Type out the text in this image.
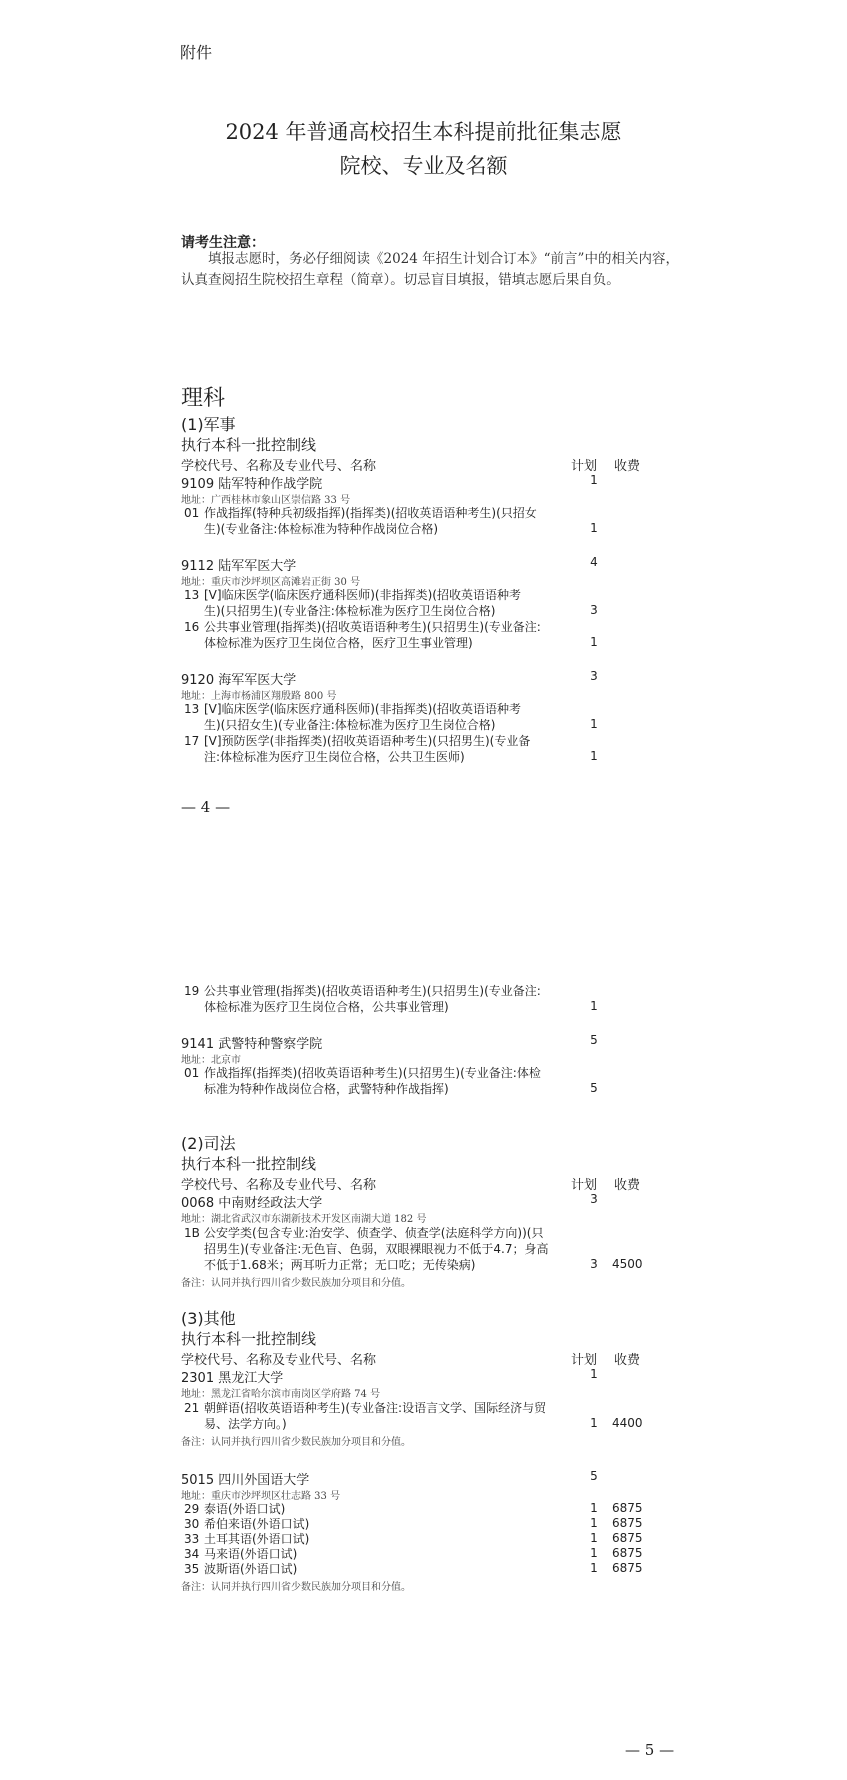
附件
2024 年普通高校招生本科提前批征集志愿
院校、专业及名额
请考生注意：
填报志愿时，务必仔细阅读《2024 年招生计划合订本》“前言”中的相关内容，认真查阅招生院校招生章程（简章）。切忌盲目填报，错填志愿后果自负。
理科
(1)军事
执行本科一批控制线
学校代号、名称及专业代号、名称	计划 收费
9109 陆军特种作战学院	1
地址：广西桂林市象山区崇信路 33 号
01 作战指挥(特种兵初级指挥)(指挥类)(招收英语语种考生)(只招女
生)(专业备注:体检标准为特种作战岗位合格)	1
9112 陆军军医大学	4
地址：重庆市沙坪坝区高滩岩正街 30 号
13 [V]临床医学(临床医疗通科医师)(非指挥类)(招收英语语种考
生)(只招男生)(专业备注:体检标准为医疗卫生岗位合格)	3
16 公共事业管理(指挥类)(招收英语语种考生)(只招男生)(专业备注:
体检标准为医疗卫生岗位合格，医疗卫生事业管理)	1
9120 海军军医大学	3
地址：上海市杨浦区翔殷路 800 号
13 [V]临床医学(临床医疗通科医师)(非指挥类)(招收英语语种考
生)(只招女生)(专业备注:体检标准为医疗卫生岗位合格)	1
17 [V]预防医学(非指挥类)(招收英语语种考生)(只招男生)(专业备
注:体检标准为医疗卫生岗位合格，公共卫生医师)	1
— 4 —
19 公共事业管理(指挥类)(招收英语语种考生)(只招男生)(专业备注:
体检标准为医疗卫生岗位合格，公共事业管理)	1
9141 武警特种警察学院	5
地址：北京市
01 作战指挥(指挥类)(招收英语语种考生)(只招男生)(专业备注:体检
标准为特种作战岗位合格，武警特种作战指挥)	5
(2)司法
执行本科一批控制线
学校代号、名称及专业代号、名称	计划 收费
0068 中南财经政法大学	3
地址：湖北省武汉市东湖新技术开发区南湖大道 182 号
1B 公安学类(包含专业:治安学、侦查学、侦查学(法庭科学方向))(只
招男生)(专业备注:无色盲、色弱，双眼裸眼视力不低于4.7；身高
不低于1.68米；两耳听力正常；无口吃；无传染病)	3	4500
备注：认同并执行四川省少数民族加分项目和分值。
(3)其他
执行本科一批控制线
学校代号、名称及专业代号、名称	计划 收费
2301 黑龙江大学	1
地址：黑龙江省哈尔滨市南岗区学府路 74 号
21 朝鲜语(招收英语语种考生)(专业备注:设语言文学、国际经济与贸
易、法学方向。)	1	4400
备注：认同并执行四川省少数民族加分项目和分值。
5015 四川外国语大学	5
地址：重庆市沙坪坝区壮志路 33 号
29 泰语(外语口试)	1	6875
30 希伯来语(外语口试)	1	6875
33 土耳其语(外语口试)	1	6875
34 马来语(外语口试)	1	6875
35 波斯语(外语口试)	1	6875
备注：认同并执行四川省少数民族加分项目和分值。
— 5 —
